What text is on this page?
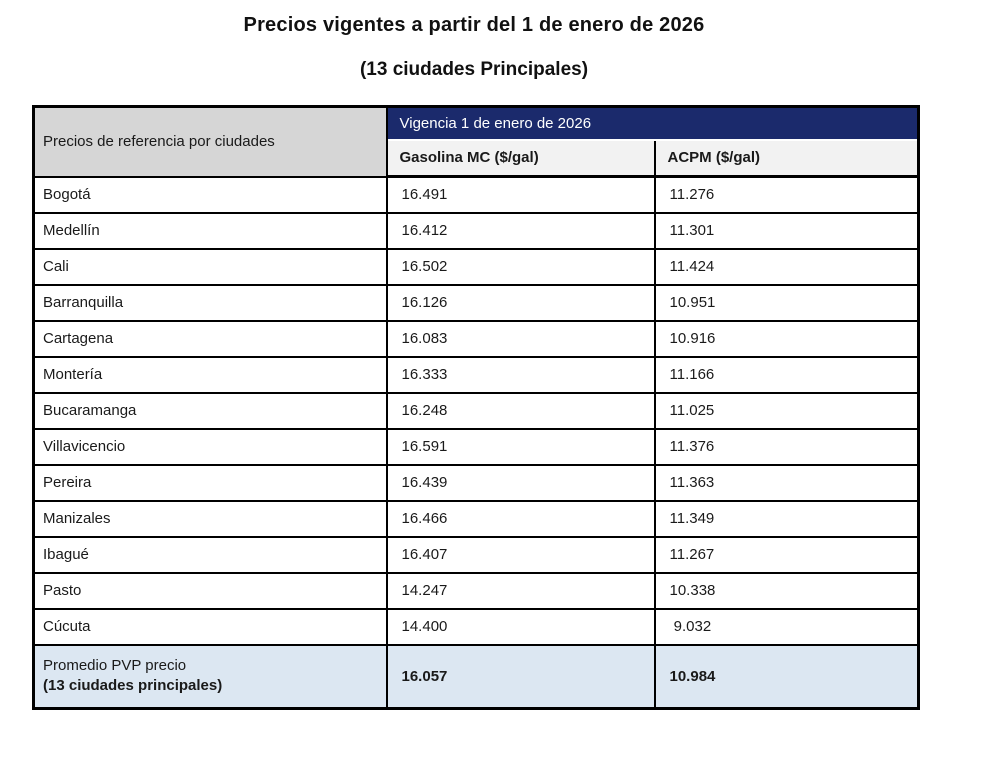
Precios vigentes a partir del 1 de enero de 2026
(13 ciudades Principales)
Precios de referencia por ciudades	Vigencia 1 de enero de 2026	
	Gasolina MC ($/gal)	ACPM ($/gal)
Bogotá	16.491	11.276
Medellín	16.412	11.301
Cali	16.502	11.424
Barranquilla	16.126	10.951
Cartagena	16.083	10.916
Montería	16.333	11.166
Bucaramanga	16.248	11.025
Villavicencio	16.591	11.376
Pereira	16.439	11.363
Manizales	16.466	11.349
Ibagué	16.407	11.267
Pasto	14.247	10.338
Cúcuta	14.400	9.032

Promedio PVP precio
(13 ciudades principales)	16.057	10.984
